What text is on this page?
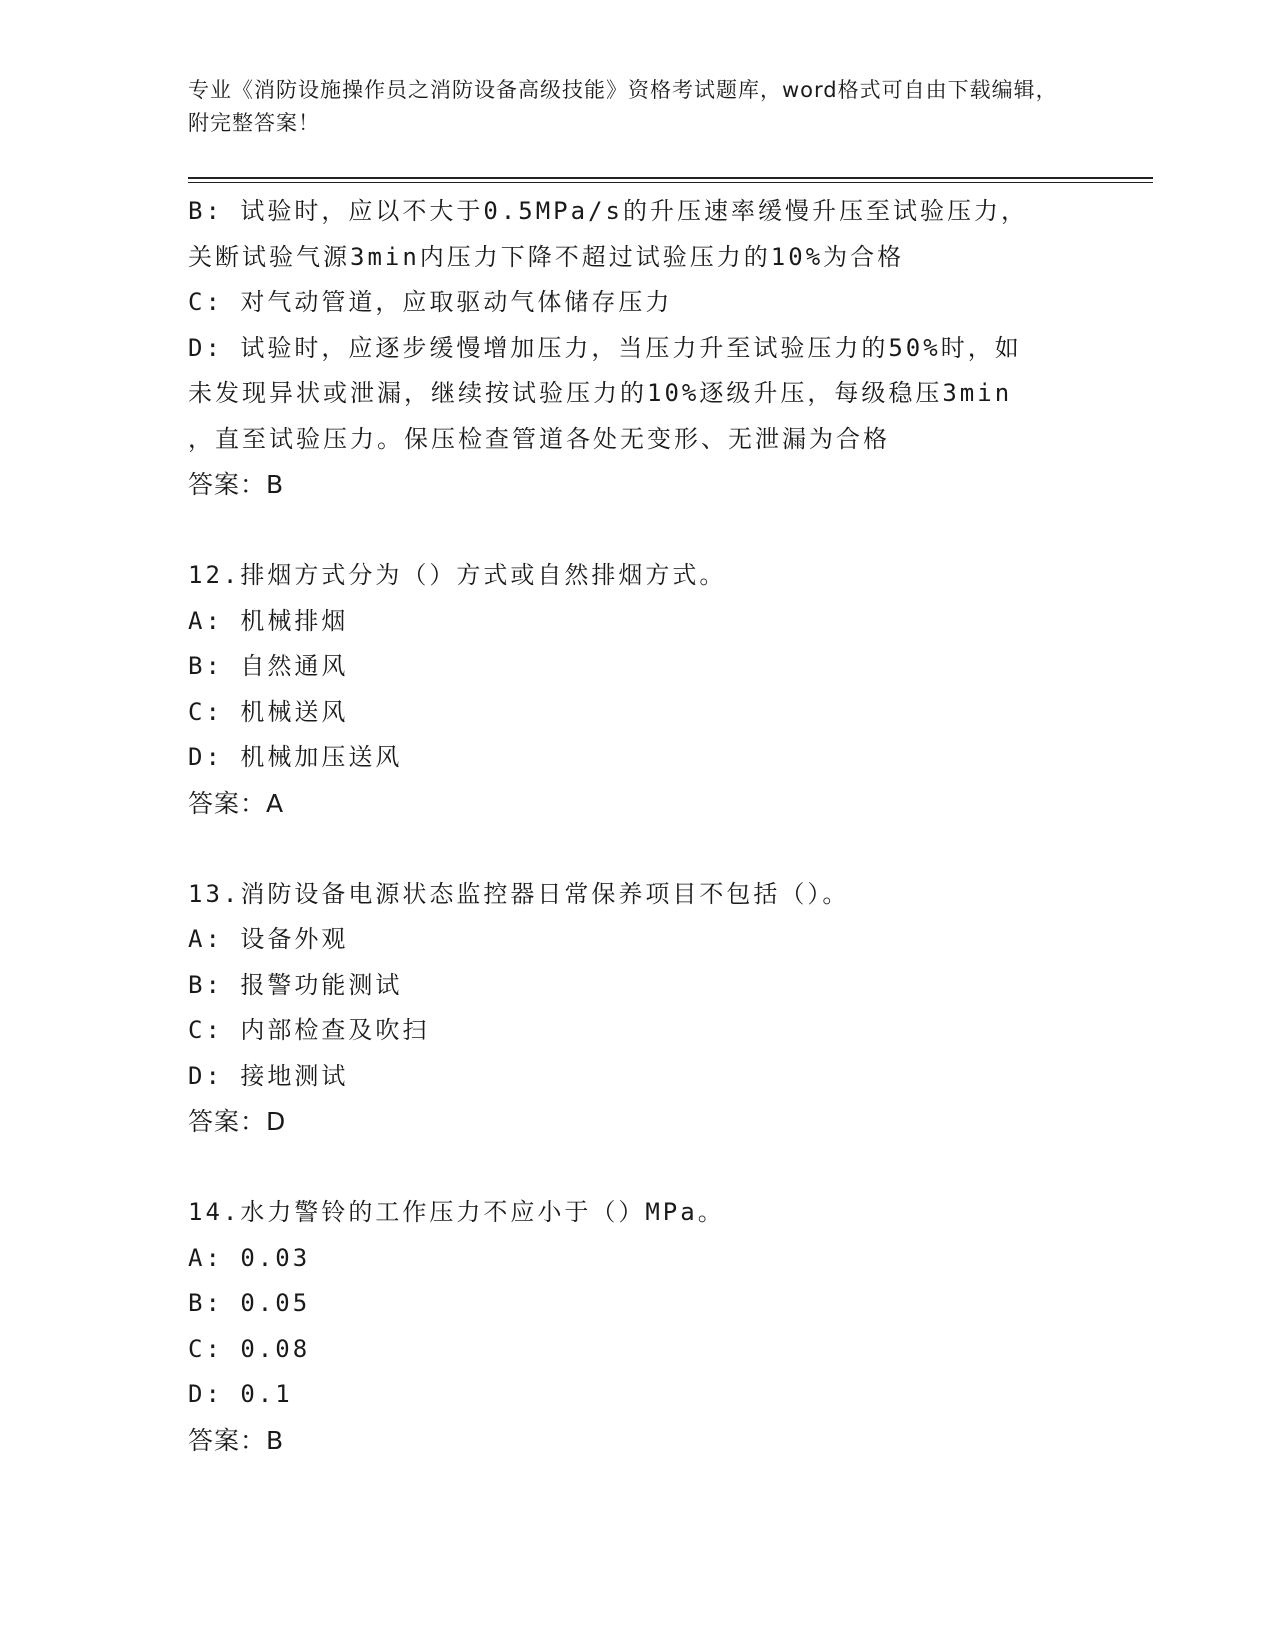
专业《消防设施操作员之消防设备高级技能》资格考试题库，word格式可自由下载编辑，附完整答案！
B: 试验时，应以不大于0.5MPa/s的升压速率缓慢升压至试验压力，
关断试验气源3min内压力下降不超过试验压力的10%为合格
C: 对气动管道，应取驱动气体储存压力
D: 试验时，应逐步缓慢增加压力，当压力升至试验压力的50%时，如
未发现异状或泄漏，继续按试验压力的10%逐级升压，每级稳压3min
，直至试验压力。保压检查管道各处无变形、无泄漏为合格
答案：B
12.排烟方式分为（）方式或自然排烟方式。
A: 机械排烟
B: 自然通风
C: 机械送风
D: 机械加压送风
答案：A
13.消防设备电源状态监控器日常保养项目不包括（）。
A: 设备外观
B: 报警功能测试
C: 内部检查及吹扫
D: 接地测试
答案：D
14.水力警铃的工作压力不应小于（）MPa。
A: 0.03
B: 0.05
C: 0.08
D: 0.1
答案：B
